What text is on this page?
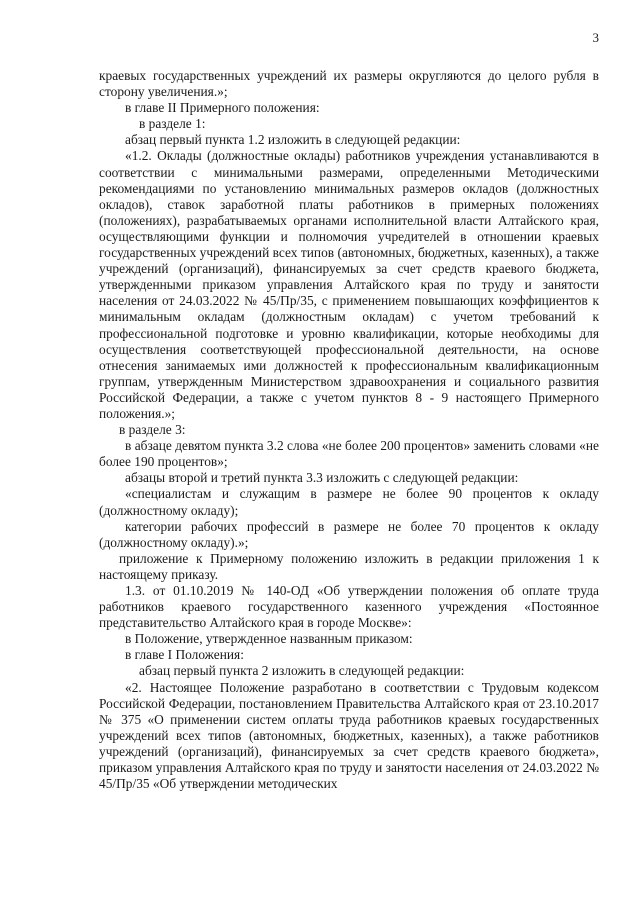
3

краевых государственных учреждений их размеры округляются до целого рубля в сторону увеличения.»;

в главе II Примерного положения:

в разделе 1:

абзац первый пункта 1.2 изложить в следующей редакции:

«1.2. Оклады (должностные оклады) работников учреждения устанавливаются в соответствии с минимальными размерами, определенными Методическими рекомендациями по установлению минимальных размеров окладов (должностных окладов), ставок заработной платы работников в примерных положениях (положениях), разрабатываемых органами исполнительной власти Алтайского края, осуществляющими функции и полномочия учредителей в отношении краевых государственных учреждений всех типов (автономных, бюджетных, казенных), а также учреждений (организаций), финансируемых за счет средств краевого бюджета, утвержденными приказом управления Алтайского края по труду и занятости населения от 24.03.2022 № 45/Пр/35, с применением повышающих коэффициентов к минимальным окладам (должностным окладам) с учетом требований к профессиональной подготовке и уровню квалификации, которые необходимы для осуществления соответствующей профессиональной деятельности, на основе отнесения занимаемых ими должностей к профессиональным квалификационным группам, утвержденным Министерством здравоохранения и социального развития Российской Федерации, а также с учетом пунктов 8 - 9 настоящего Примерного положения.»;

в разделе 3:

в абзаце девятом пункта 3.2 слова «не более 200 процентов» заменить словами «не более 190 процентов»;

абзацы второй и третий пункта 3.3 изложить с следующей редакции:

«специалистам и служащим в размере не более 90 процентов к окладу (должностному окладу);

категории рабочих профессий в размере не более 70 процентов к окладу (должностному окладу).»;

приложение к Примерному положению изложить в редакции приложения 1 к настоящему приказу.

1.3. от 01.10.2019 № 140-ОД «Об утверждении положения об оплате труда работников краевого государственного казенного учреждения «Постоянное представительство Алтайского края в городе Москве»:

в Положение, утвержденное названным приказом:

в главе I Положения:

абзац первый пункта 2 изложить в следующей редакции:

«2. Настоящее Положение разработано в соответствии с Трудовым кодексом Российской Федерации, постановлением Правительства Алтайского края от 23.10.2017 № 375 «О применении систем оплаты труда работников краевых государственных учреждений всех типов (автономных, бюджетных, казенных), а также работников учреждений (организаций), финансируемых за счет средств краевого бюджета», приказом управления Алтайского края по труду и занятости населения от 24.03.2022 № 45/Пр/35 «Об утверждении методических
